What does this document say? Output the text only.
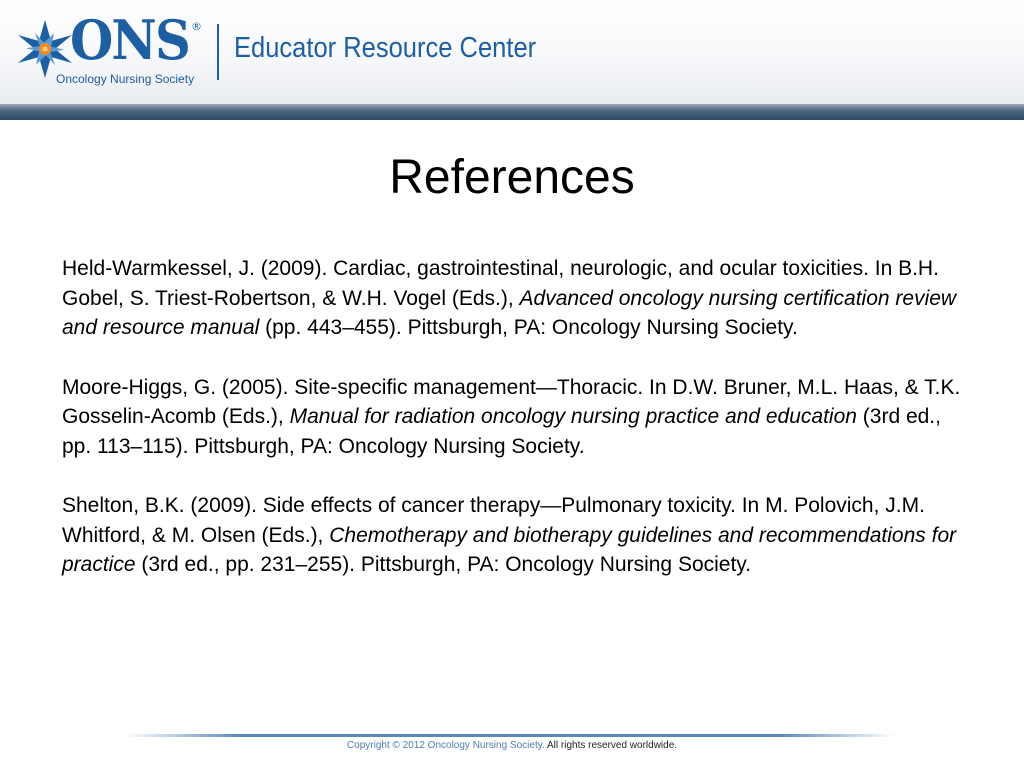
ONS ®
Oncology Nursing Society
Educator Resource Center
References

Held-Warmkessel, J. (2009). Cardiac, gastrointestinal, neurologic, and ocular toxicities. In B.H. Gobel, S. Triest-Robertson, & W.H. Vogel (Eds.), Advanced oncology nursing certification review and resource manual (pp. 443–455). Pittsburgh, PA: Oncology Nursing Society.

Moore-Higgs, G. (2005). Site-specific management—Thoracic. In D.W. Bruner, M.L. Haas, & T.K. Gosselin-Acomb (Eds.), Manual for radiation oncology nursing practice and education (3rd ed., pp. 113–115). Pittsburgh, PA: Oncology Nursing Society.

Shelton, B.K. (2009). Side effects of cancer therapy—Pulmonary toxicity. In M. Polovich, J.M. Whitford, & M. Olsen (Eds.), Chemotherapy and biotherapy guidelines and recommendations for practice (3rd ed., pp. 231–255). Pittsburgh, PA: Oncology Nursing Society.

Copyright © 2012 Oncology Nursing Society. All rights reserved worldwide.
